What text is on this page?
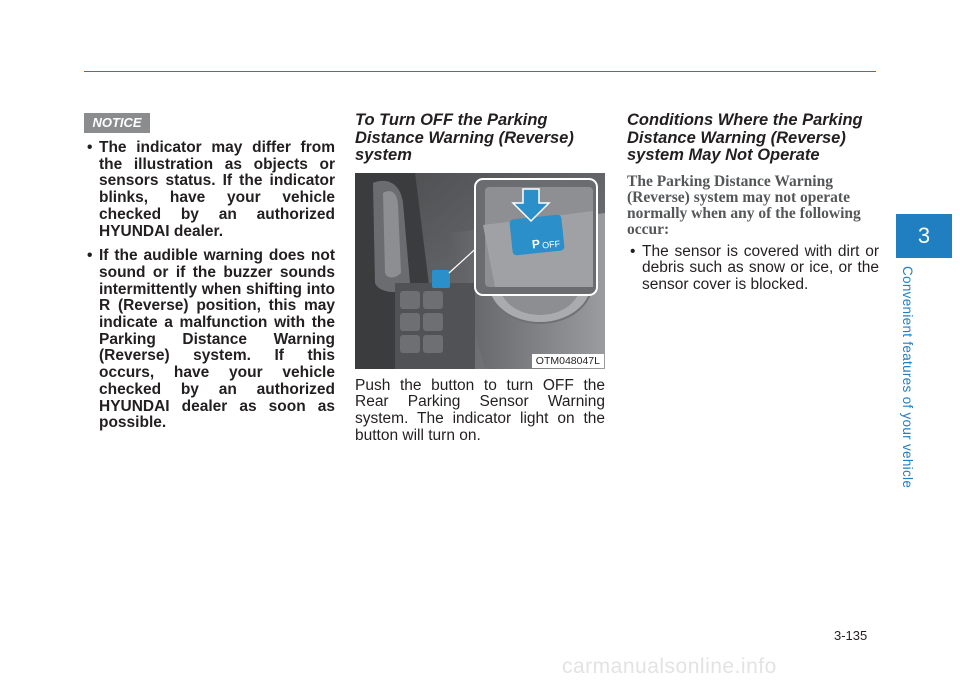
NOTICE
• The indicator may differ from the illustration as objects or sensors status. If the indicator blinks, have your vehicle checked by an authorized HYUNDAI dealer.
• If the audible warning does not sound or if the buzzer sounds intermittently when shifting into R (Reverse) position, this may indicate a malfunction with the Parking Distance Warning (Reverse) system. If this occurs, have your vehicle checked by an authorized HYUNDAI dealer as soon as possible.
To Turn OFF the Parking Distance Warning (Reverse) system
P OFF
OTM048047L

Push the button to turn OFF the Rear Parking Sensor Warning system. The indicator light on the button will turn on.

Conditions Where the Parking Distance Warning (Reverse) system May Not Operate

The Parking Distance Warning (Reverse) system may not operate normally when any of the following occur:

• The sensor is covered with dirt or debris such as snow or ice, or the sensor cover is blocked.
3
Convenient features of your vehicle
3-135
carmanualsonline.info
